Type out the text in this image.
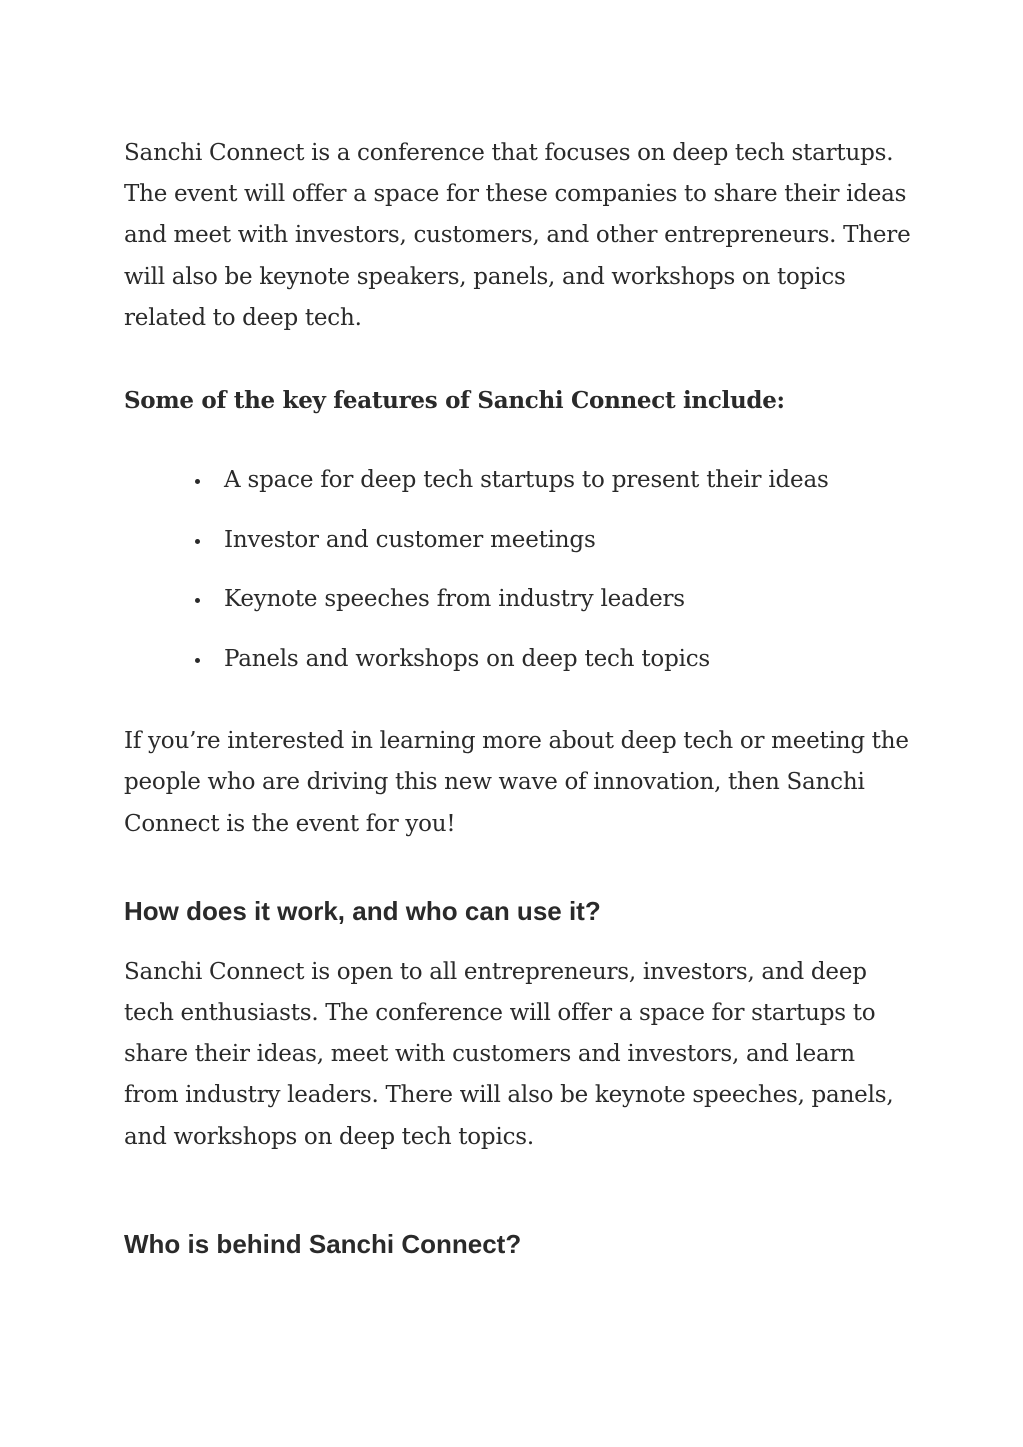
Sanchi Connect is a conference that focuses on deep tech startups. The event will offer a space for these companies to share their ideas and meet with investors, customers, and other entrepreneurs. There will also be keynote speakers, panels, and workshops on topics related to deep tech.

Some of the key features of Sanchi Connect include:

A space for deep tech startups to present their ideas
Investor and customer meetings
Keynote speeches from industry leaders
Panels and workshops on deep tech topics

If you’re interested in learning more about deep tech or meeting the people who are driving this new wave of innovation, then Sanchi Connect is the event for you!

How does it work, and who can use it?

Sanchi Connect is open to all entrepreneurs, investors, and deep tech enthusiasts. The conference will offer a space for startups to share their ideas, meet with customers and investors, and learn from industry leaders. There will also be keynote speeches, panels, and workshops on deep tech topics.

Who is behind Sanchi Connect?
